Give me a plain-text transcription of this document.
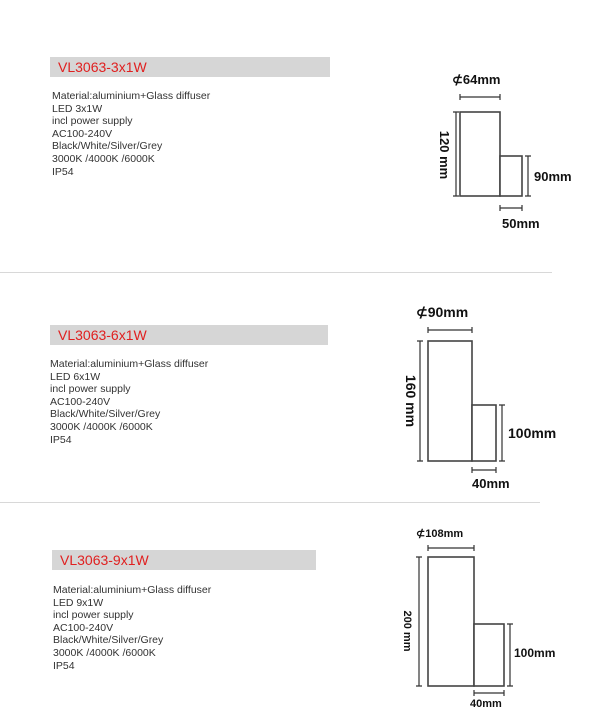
VL3063-3x1W
Material:aluminium+Glass diffuser
LED 3x1W
incl power supply
AC100-240V
Black/White/Silver/Grey
3000K /4000K /6000K
IP54
⊄64mm
120 mm	90mm
50mm
VL3063-6x1W
Material:aluminium+Glass diffuser
LED 6x1W
incl power supply
AC100-240V
Black/White/Silver/Grey
3000K /4000K /6000K
IP54
⊄90mm
160 mm
100mm
40mm
VL3063-9x1W
Material:aluminium+Glass diffuser
LED 9x1W
incl power supply
AC100-240V
Black/White/Silver/Grey
3000K /4000K /6000K
IP54
⊄108mm
200 mm
100mm
40mm
